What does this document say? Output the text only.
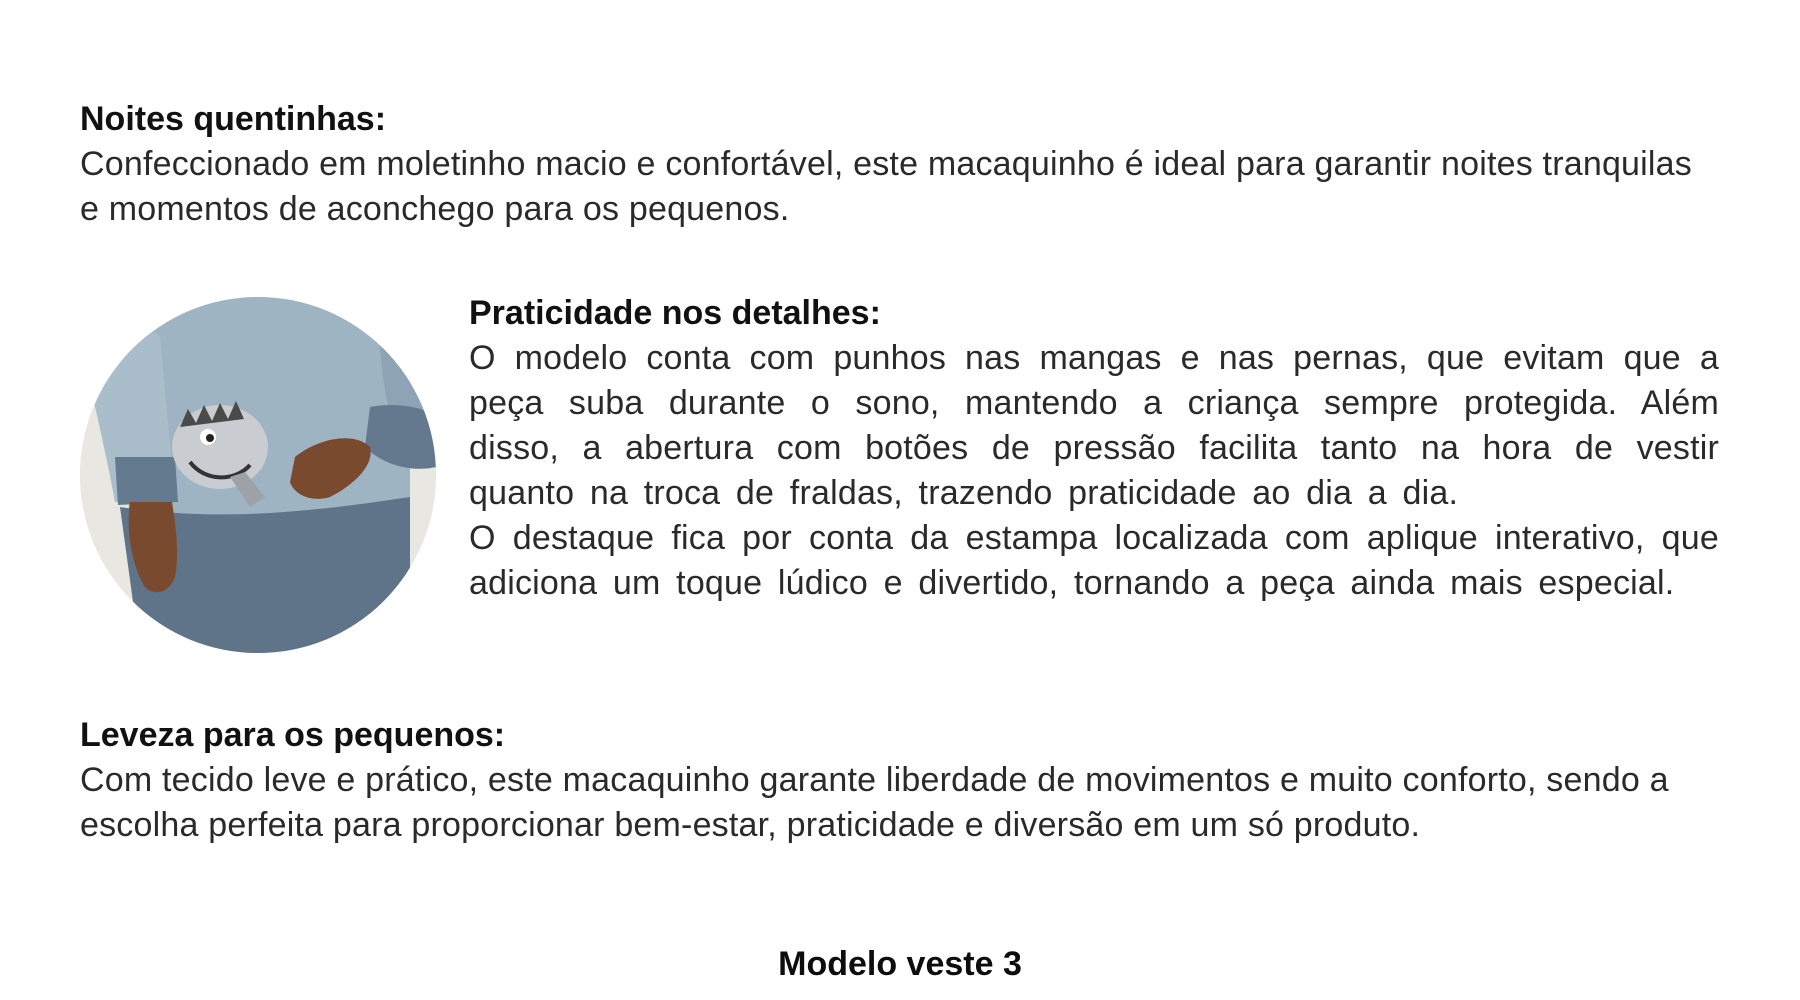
Noites quentinhas:

Confeccionado em moletinho macio e confortável, este macaquinho é ideal para garantir noites tranquilas e momentos de aconchego para os pequenos.

Praticidade nos detalhes:

O modelo conta com punhos nas mangas e nas pernas, que evitam que a peça suba durante o sono, mantendo a criança sempre protegida. Além disso, a abertura com botões de pressão facilita tanto na hora de vestir quanto na troca de fraldas, trazendo praticidade ao dia a dia.

O destaque fica por conta da estampa localizada com aplique interativo, que adiciona um toque lúdico e divertido, tornando a peça ainda mais especial.

Leveza para os pequenos:

Com tecido leve e prático, este macaquinho garante liberdade de movimentos e muito conforto, sendo a escolha perfeita para proporcionar bem-estar, praticidade e diversão em um só produto.

Modelo veste 3
